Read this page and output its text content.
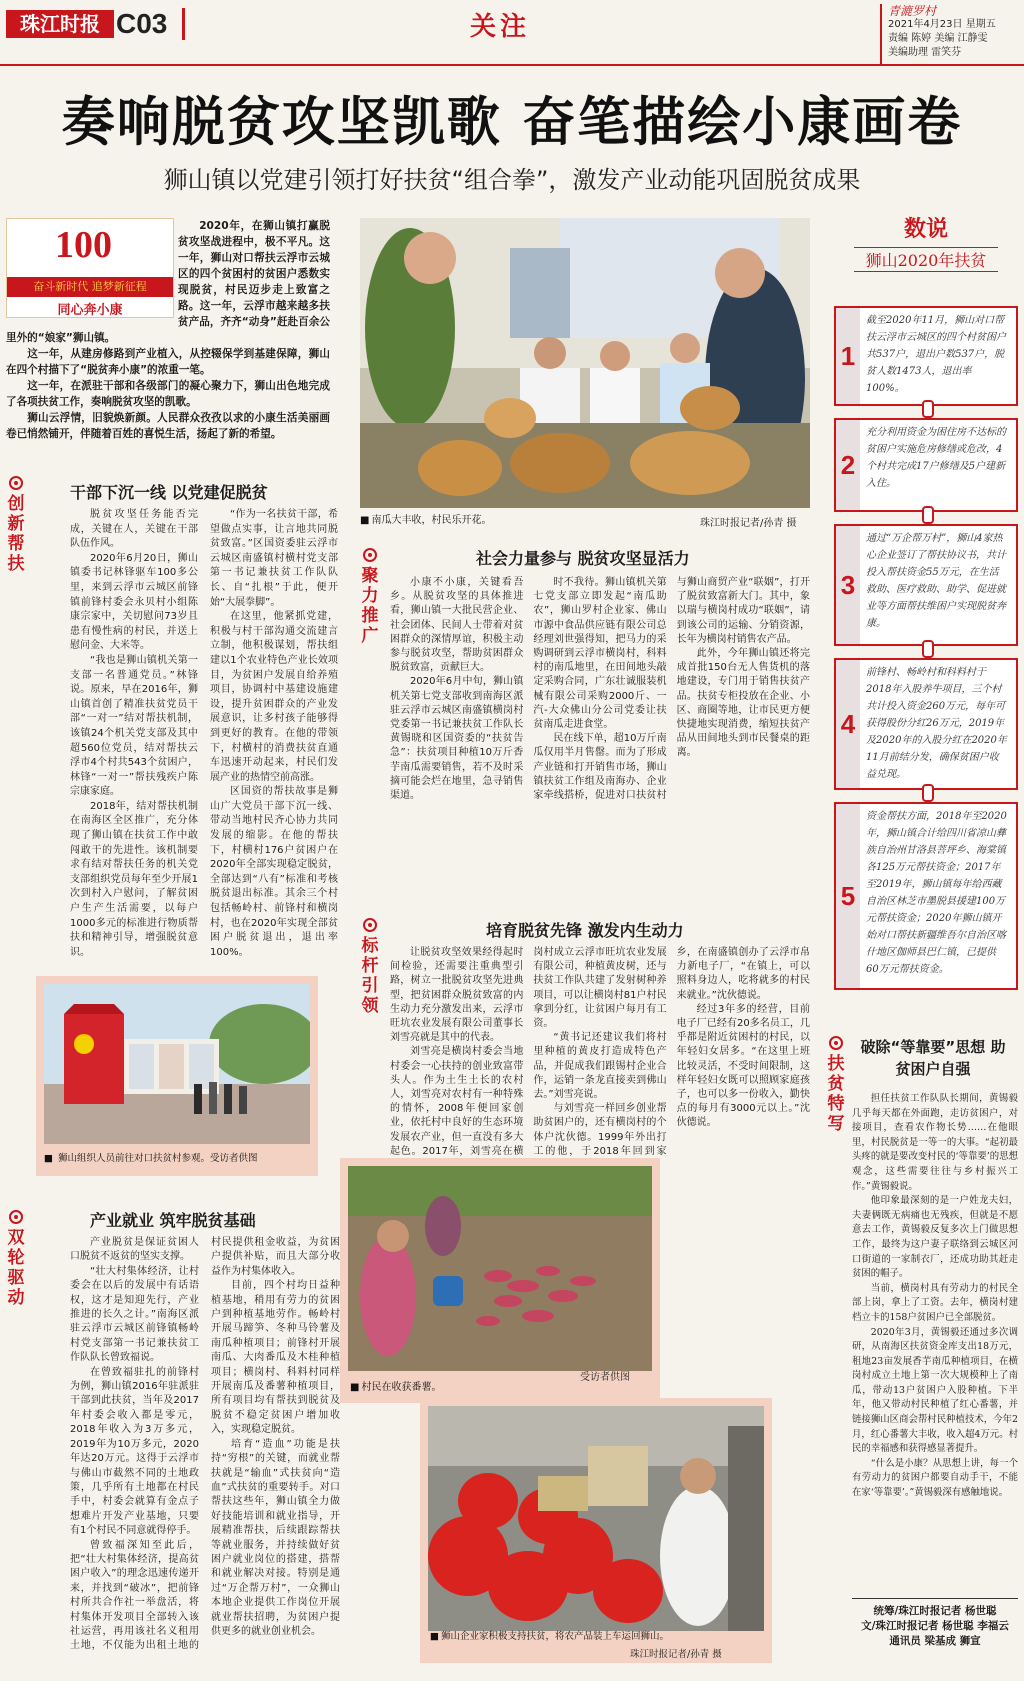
珠江时报 C03	关注
青漉罗村
2021年4月23日 星期五
责编 陈婷 美编 江静雯
美编助理 雷笑芬
奏响脱贫攻坚凯歌 奋笔描绘小康画卷
狮山镇以党建引领打好扶贫“组合拳”，激发产业动能巩固脱贫成果
100
奋斗新时代 追梦新征程
同心奔小康

2020年，在狮山镇打赢脱贫攻坚战进程中，极不平凡。这一年，狮山对口帮扶云浮市云城区的四个贫困村的贫困户悉数实现脱贫，村民迈步走上致富之路。这一年，云浮市越来越多扶贫产品，齐齐“动身”赶赴百余公里外的“娘家”狮山镇。

这一年，从建房修路到产业植入，从控辍保学到基建保障，狮山在四个村描下了“脱贫奔小康”的浓重一笔。

这一年，在派驻干部和各级部门的凝心聚力下，狮山出色地完成了各项扶贫工作，奏响脱贫攻坚的凯歌。

狮山云浮情，旧貌焕新颜。人民群众孜孜以求的小康生活美丽画卷已悄然铺开，伴随着百姓的喜悦生活，扬起了新的希望。

■ 南瓜大丰收，村民乐开花。	珠江时报记者/孙青 摄
创新帮扶
干部下沉一线 以党建促脱贫

脱贫攻坚任务能否完成，关键在人，关键在干部队伍作风。

2020年6月20日，狮山镇委书记林锋驱车100多公里，来到云浮市云城区前锋镇前锋村委会永贝村小组陈康宗家中，关切慰问73岁且患有慢性病的村民，并送上慰问金、大米等。

“我也是狮山镇机关第一支部一名普通党员。”林锋说。原来，早在2016年，狮山镇首创了精准扶贫党员干部“一对一”结对帮扶机制，该镇24个机关党支部及其中超560位党员，结对帮扶云浮市4个村共543个贫困户，林锋“一对一”帮扶残疾户陈宗康家庭。

2018年，结对帮扶机制在南海区全区推广，充分体现了狮山镇在扶贫工作中敢闯敢干的先进性。该机制要求有结对帮扶任务的机关党支部组织党员每年至少开展1次到村入户慰问，了解贫困户生产生活需要，以每户1000多元的标准进行物质帮扶和精神引导，增强脱贫意识。

“作为一名扶贫干部，希望做点实事，让言地共同脱贫致富。”区国资委驻云浮市云城区南盛镇村横村党支部第一书记兼扶贫工作队队长、自“扎根”于此，便开始“大展拳脚”。

在这里，他紧抓党建，积极与村干部沟通交流建言立制，他积极谋划，帮扶组建以1个农业特色产业长效项目，为贫困户发展自给养殖项目，协调村中基建设施建设，提升贫困群众的产业发展意识，让多村孩子能够得到更好的教育。在他的带领下，村横村的消费扶贫直通车迅速开动起来，村民们发展产业的热情空前高涨。

区国资的帮扶故事是狮山广大党员干部下沉一线、带动当地村民齐心协力共同发展的缩影。在他的帮扶下，村横村176户贫困户在2020年全部实现稳定脱贫，全部达到“八有”标准和考核脱贫退出标准。其余三个村包括畅岭村、前锋村和横岗村，也在2020年实现全部贫困户脱贫退出，退出率100%。

■ 狮山组织人员前往对口扶贫村参观。受访者供图
聚力推广
社会力量参与 脱贫攻坚显活力

小康不小康，关键看吾乡。从脱贫攻坚的具体推进看，狮山镇一大批民营企业、社会团体、民间人士带着对贫困群众的深情厚谊，积极主动参与脱贫攻坚，帮助贫困群众脱贫致富，贡献巨大。

2020年6月中旬，狮山镇机关第七党支部收到南海区派驻云浮市云城区南盛镇横岗村党委第一书记兼扶贫工作队长黄锡晓和区国资委的“扶贫告急”：扶贫项目种植10万斤香芋南瓜需要销售，若不及时采摘可能会烂在地里，急寻销售渠道。

时不我待。狮山镇机关第七党支部立即发起“南瓜助农”，狮山罗村企业家、佛山市源中食品供应链有限公司总经理刘世强得知，把马力的采购调研到云浮市横岗村，科料村的南瓜地里，在田间地头敲定采购合同，广东壮诚服装机械有限公司采购2000斤、一汽-大众佛山分公司党委让扶贫南瓜走进食堂。

民在线下单，超10万斤南瓜仅用半月售罄。而为了形成产业链和打开销售市场，狮山镇扶贫工作组及南海办、企业家牵线搭桥，促进对口扶贫村与狮山商贸产业“联姻”，打开了脱贫致富新大门。其中，象以瑞与横岗村成功“联姻”，请到该公司的运输、分销资源，长年为横岗村销售农产品。

此外，今年狮山镇还将完成首批150台无人售货机的落地建设，专门用于销售扶贫产品。扶贫专柜投放在企业、小区、商圈等地，让市民更方便快捷地实现消费，缩短扶贫产品从田间地头到市民餐桌的距离。

标杆引领
培育脱贫先锋 激发内生动力

让脱贫攻坚效果经得起时间检验，还需要注重典型引路，树立一批脱贫攻坚先进典型，把贫困群众脱贫致富的内生动力充分激发出来，云浮市旺坑农业发展有限公司董事长刘雪亮就是其中的代表。

刘雪亮是横岗村委会当地村委会一心扶持的创业致富带头人。作为土生土长的农村人，刘雪亮对农村有一种特殊的情怀，2008年便回家创业，依托村中良好的生态环境发展农产业，但一直没有多大起色。2017年，刘雪亮在横岗村成立云浮市旺坑农业发展有限公司，种植黄皮树，还与扶贫工作队共建了发射树种养项目，可以让横岗村81户村民拿到分红，让贫困户每月有工资。

“黄书记还建议我们将村里种植的黄皮打造成特色产品，并促成我们跟锡村企业合作，运销一条龙直接卖到佛山去。”刘雪亮说。

与刘雪亮一样回乡创业帮助贫困户的，还有横岗村的个体户沈伙德。1999年外出打工的他，于2018年回到家乡，在南盛镇创办了云浮市帛力新电子厂，“在镇上，可以照料身边人，吃将就多的村民来就业。”沈伙德说。

经过3年多的经营，目前电子厂已经有20多名员工，几乎都是附近贫困村的村民，以年轻妇女居多。“在这里上班比较灵活，不受时间限制，这样年轻妇女既可以照顾家庭孩子，也可以多一份收入，勤快点的每月有3000元以上。”沈伙德说。

■ 村民在收获番薯。
受访者供图
■ 狮山企业家积极支持扶贫，将农产品装上车运回狮山。
珠江时报记者/孙青 摄
双轮驱动
产业就业 筑牢脱贫基础

产业脱贫是保证贫困人口脱贫不返贫的坚实支撑。

“壮大村集体经济，让村委会在以后的发展中有话语权，这才是知迎先行，产业推进的长久之计。”南海区派驻云浮市云城区前锋镇畅岭村党支部第一书记兼扶贫工作队队长曾致福说。

在曾致福驻扎的前锋村为例，狮山镇2016年驻派驻干部到此扶贫，当年及2017年村委会收入都是零元，2018年收入为3万多元，2019年为10万多元，2020年达20万元。这得于云浮市与佛山市截然不同的土地政策，几乎所有土地都在村民手中，村委会就算有金点子想难片开发产业基地，只要有1个村民不同意就得停手。

曾致福深知至此后，把“壮大村集体经济，提高贫困户收入”的理念迅速传递开来，并找到“破冰”，把前锋村所共合作社一举盘活，将村集体开发项目全部转入该社运营，再用该社名义租用土地，不仅能为出租土地的村民提供租金收益，为贫困户提供补贴，而且大部分收益作为村集体收入。

目前，四个村均日益种植基地，稍用有劳力的贫困户到种植基地劳作。畅岭村开展马蹄笋、冬种马铃薯及南瓜种植项目；前锋村开展南瓜、大肉番瓜及木桂种植项目；横岗村、科料村同样开展南瓜及番薯种植项目，所有项目均有帮扶到脱贫及脱贫不稳定贫困户增加收入，实现稳定脱贫。

培育“造血”功能是扶持“穷根”的关键，而就业帮扶就是“输血”式扶贫向“造血”式扶贫的重要转手。对口帮扶这些年，狮山镇全力做好技能培训和就业指导，开展精准帮扶，后续跟踪帮扶等就业服务，并持续做好贫困户就业岗位的搭建，搭帮和就业解决对接。特别是通过“万企帮万村”，一众狮山本地企业提供工作岗位开展就业帮扶招聘，为贫困户提供更多的就业创业机会。

数说
狮山2020年扶贫
1
截至2020年11月，狮山对口帮扶云浮市云城区的四个村贫困户共537户，退出户数537户，脱贫人数1473人，退出率100%。
2
充分利用资金为困住房不达标的贫困户实施危房修缮或危改，4个村共完成17户修缮及5户建新入住。
3
通过“万企帮万村”，狮山4家热心企业签订了帮扶协议书，共计投入帮扶资金55万元，在生活救助、医疗救助、助学、促进就业等方面帮扶维困户实现脱贫奔康。
4
前锋村、畅岭村和科料村于2018年入股养牛项目，三个村共计投入资金260万元，每年可获得股份分红26万元，2019年及2020年的入股分红在2020年11月前结分发，确保贫困户收益兑现。
5
资金帮扶方面，2018年至2020年，狮山镇合计给四川省凉山彝族自治州甘洛县菩坪乡、海棠镇各125万元帮扶资金；2017年至2019年，狮山镇每年给西藏自治区林芝市墨脱县援建100万元帮扶资金；2020年狮山镇开始对口帮扶新疆维吾尔自治区喀什地区伽师县巴仁镇，已提供60万元帮扶资金。
扶贫特写
破除“等靠要”思想 助贫困户自强

担任扶贫工作队队长期间，黄锡毅几乎每天都在外面跑，走访贫困户，对接项目，查看农作物长势……在他眼里，村民脱贫是一等一的大事。“起初最头疼的就是要改变村民的‘等靠要’的思想观念，这些需要往往与乡村振兴工作。”黄锡毅说。

他印象最深刻的是一户姓龙夫妇，夫妻俩既无病痛也无残疾，但就是不愿意去工作，黄锡毅反复多次上门做思想工作，最终为这户妻子联络到云城区河口街道的一家制衣厂，还成功助其赶走贫困的帽子。

当前，横岗村具有劳动力的村民全部上岗，拿上了工资。去年，横岗村建档立卡的158户贫困户已全部脱贫。

2020年3月，黄锡毅还通过多次调研，从南海区扶贫资金库支出18万元，租地23亩发展香芋南瓜种植项目，在横岗村成立土地上第一次大规模种上了南瓜，带动13户贫困户入股种植。下半年，他又带动村民种植了红心番薯，并链接狮山区商会帮村民种植技术，今年2月，红心番薯大丰收，收入超4万元。村民的幸福感和获得感显著提升。

“什么是小康？从思想上讲，每一个有劳动力的贫困户都要自动手干，不能在家‘等靠要’。”黄锡毅深有感触地说。

统筹/珠江时报记者 杨世聪
文/珠江时报记者 杨世聪 李福云
通讯员 梁基成 狮宣
